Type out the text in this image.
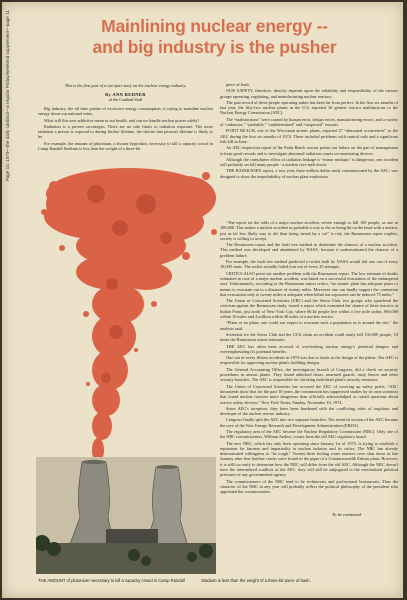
Page 10, 1979—the daily cardinal—a regular Friday/weekend supplement—page 11	Mainlining nuclear energy --
and big industry is the pusher
This is the first part of a two-part story on the nuclear energy industry.
By ANN REDNER
of the Cardinal Staff

Big industry, the all time pusher of excessive energy consumption, is trying to mainline nuclear energy down our national veins.

What will this new addictive mean to our health, and can we handle nuclear power safely?

Radiation is a proven carcinogen. There are no safe limits to radiation exposure. The more radiation a person is exposed to during his/her lifetime, the shorter that person's lifetime is likely to be.

For example, the amount of plutonium, a fission byproduct, necessary to kill a capacity crowd in Camp Randall Stadium is less than the weight of a three-bit

piece of bash.

OUR SAFETY, therefore, directly depends upon the reliability and responsibility of the various groups operating, regulating, and manufacturing nuclear reactors.

The past record of these people operating nukes has been far from perfect. In the first six months of last year, the fifty-two nuclear plants in the U.S. reported 36 generic reactor malfunctions to the Nuclear Energy Commission (AEC).

The “malfunctions” were caused by human error, design errors, manufacturing errors, and a variety of “unknown,” “probable,” “undetermined” and “suspected” reasons.

POINT BEACH, one of the Wisconsin atomic plants, reported 27 “abnormal occurrences” to the AEC during the first six months of 1974. These included problems with control rods and a significant fish kill in June.

An AEC inspection report of the Point Beach reactor points out failure on the part of management to keep good records and to investigate abnormal radiation counts on monitoring devices.

Although the cumulative effect of radiation leakage is “minor mishaps” is dangerous, one accident will probably set kill many people - a nuclear core melt down.

THE RASMUSSEN report, a two year, three million dollar study commissioned by the AEC, was designed to show the improbability of nuclear plant explosions.

“The report set the odds of a major nuclear accident, severe enough to kill 100 people, as one in 100,000. This makes a nuclear accident as probable a way to die as being hit on the head with a meteor, just as far less likely way to die than being struck by a car” is risk, the Rasmussen report implies, society is willing to accept.

The Rasmussen report and the fault tree method to determine the chances of a nuclear accident. This method was developed and abandoned by NASA, because it underestimated the chances of a problem failure.

For example, the fault tree method predicted a rocket built by NASA would fail one out of every 10,000 starts. The rocket actually failed four out of every 25 attempts.

CRITICS ALSO point out another problem with the Rasmussen report. The low estimate of deaths estimated in case of a major nuclear accident, was based on a successful evacuation of the endangered area. Unfortunately, according to the Rasmussen report critics, “no atomic plant has adequate plans or means to evacuate out to a distance of twenty miles. Moreover one can hardly support the contention that evacuation only to twenty miles is adequate when lethal ion exposures can be induced 75 miles.”

The Union of Concerned Scientists (UBC) and the Sierra Club, two groups who spearhead the criticism against the Rasmussen study, issued a report which examined the chance of three reactors at Indian Point, just north of New York City, where 66.4k people live within a five mile radius, 866,000 within 10 miles and 4 million within 40 miles of a nuclear reactor.

“Plans or no plans, one could not expect to evacuate such a population as is around the site,” the analysis said.

Scientists for the Sierra Club and the UCS claim an accident could easily kill 130,000 people, 10 times the Rasmussen report estimates.

THE AEC has often been accused of overlooking nuclear energy's potential dangers and overemphasizing it's potential benefits.

One out of every fifteen accidents in 1974 was due to faults in the design of the plants. The AEC is responsible for approving nuclear plant's building designs.

The General Accounting Office, the investigatory branch of Congress, did a check on security procedures in atomic plants. They found unlocked doors, unarmed guards, rusty fences and other security breaches. The AEC is responsible for checking individual plant's security measures.

The Union of Concerned Scientists has accused the AEC of covering up safety perils. “AEC documents show that for the past 10 years, the commission has suppressed studies by its own scientists that found nuclear reactors more dangerous than officially acknowledged or raised questions about reactor safety devices,” New York Times, Sunday, November 10, 1974.

Since AEC's inception, they have been burdened with the conflicting roles of regulator and developer of the nuclear reactor industry.

Congress finally split the AEC into two separate branches. The research section of the AEC became the core of the New Energy Research and Development Administration (ERDA).

The regulatory arm of the AEC became the Nuclear Regulatory Commission (NRC). Only one of the NRC commissioners, William Anders, comes from the old AEC regulatory board.

The new NRC, which has only been operating since January 1st of 1975, is trying to establish a reputation for fairness and impartiality to nuclear industry and its critics. The NRC has already demonstrated willingness to “be tough.” Twenty-three boiling water reactors were shut down in late January after fine hairline cracks were found in the pipes of a Commonwealth Edison plant. However, it is still too early to determine how the NRC will differ from the old AEC. Although the NRC doesn't have the internalized conflicts of the AEC, they will still be subjugated to the externalized political pressures of any governmental agency.

The commissioners of the NRC tend to be technocrats and professional bureaucrats. Thus the character of the NRC in any year will probably reflect the political philosophy of the president who appointed the commissioners.

To be continued
THE AMOUNT of plutonium necessary to kill a capacity crowd in Camp Randall	Stadium is less than the weight of a three-bit piece of bash.
